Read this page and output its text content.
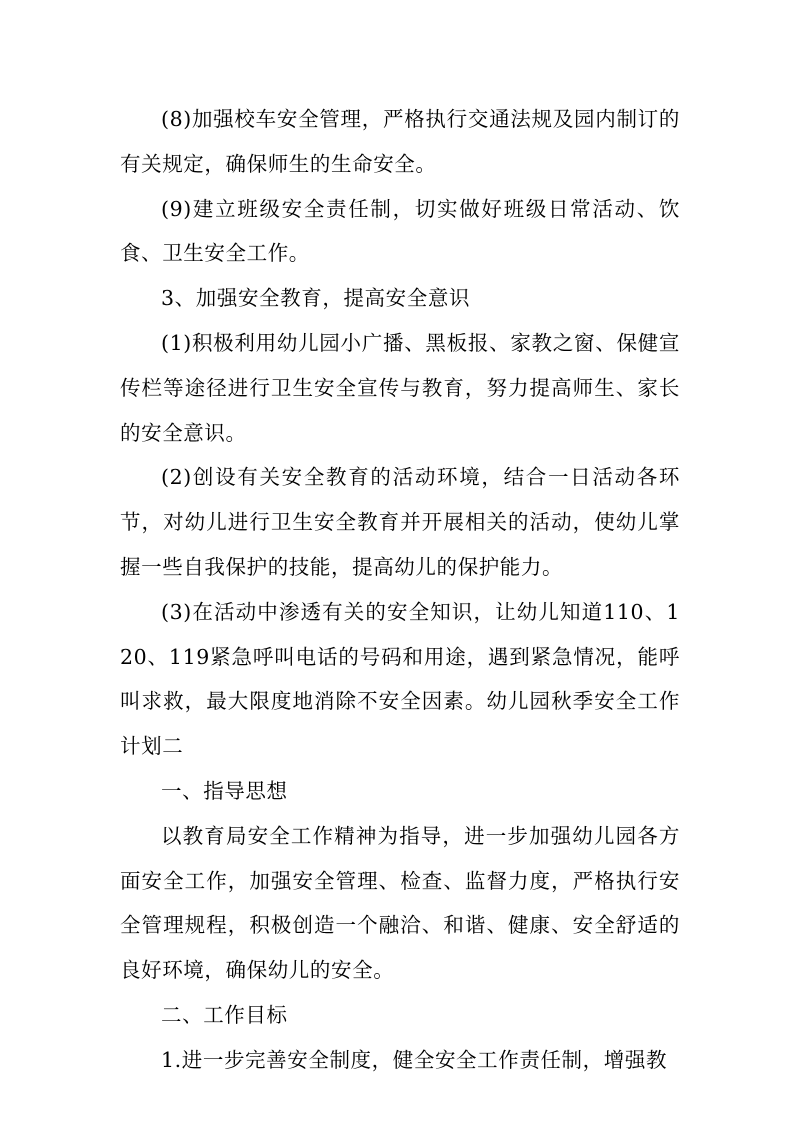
(8)加强校车安全管理，严格执行交通法规及园内制订的有关规定，确保师生的生命安全。

(9)建立班级安全责任制，切实做好班级日常活动、饮食、卫生安全工作。

3、加强安全教育，提高安全意识

(1)积极利用幼儿园小广播、黑板报、家教之窗、保健宣传栏等途径进行卫生安全宣传与教育，努力提高师生、家长的安全意识。

(2)创设有关安全教育的活动环境，结合一日活动各环节，对幼儿进行卫生安全教育并开展相关的活动，使幼儿掌握一些自我保护的技能，提高幼儿的保护能力。

(3)在活动中渗透有关的安全知识，让幼儿知道110、120、119紧急呼叫电话的号码和用途，遇到紧急情况，能呼叫求救，最大限度地消除不安全因素。幼儿园秋季安全工作计划二

一、指导思想

以教育局安全工作精神为指导，进一步加强幼儿园各方面安全工作，加强安全管理、检查、监督力度，严格执行安全管理规程，积极创造一个融洽、和谐、健康、安全舒适的良好环境，确保幼儿的安全。

二、工作目标

1.进一步完善安全制度，健全安全工作责任制，增强教
